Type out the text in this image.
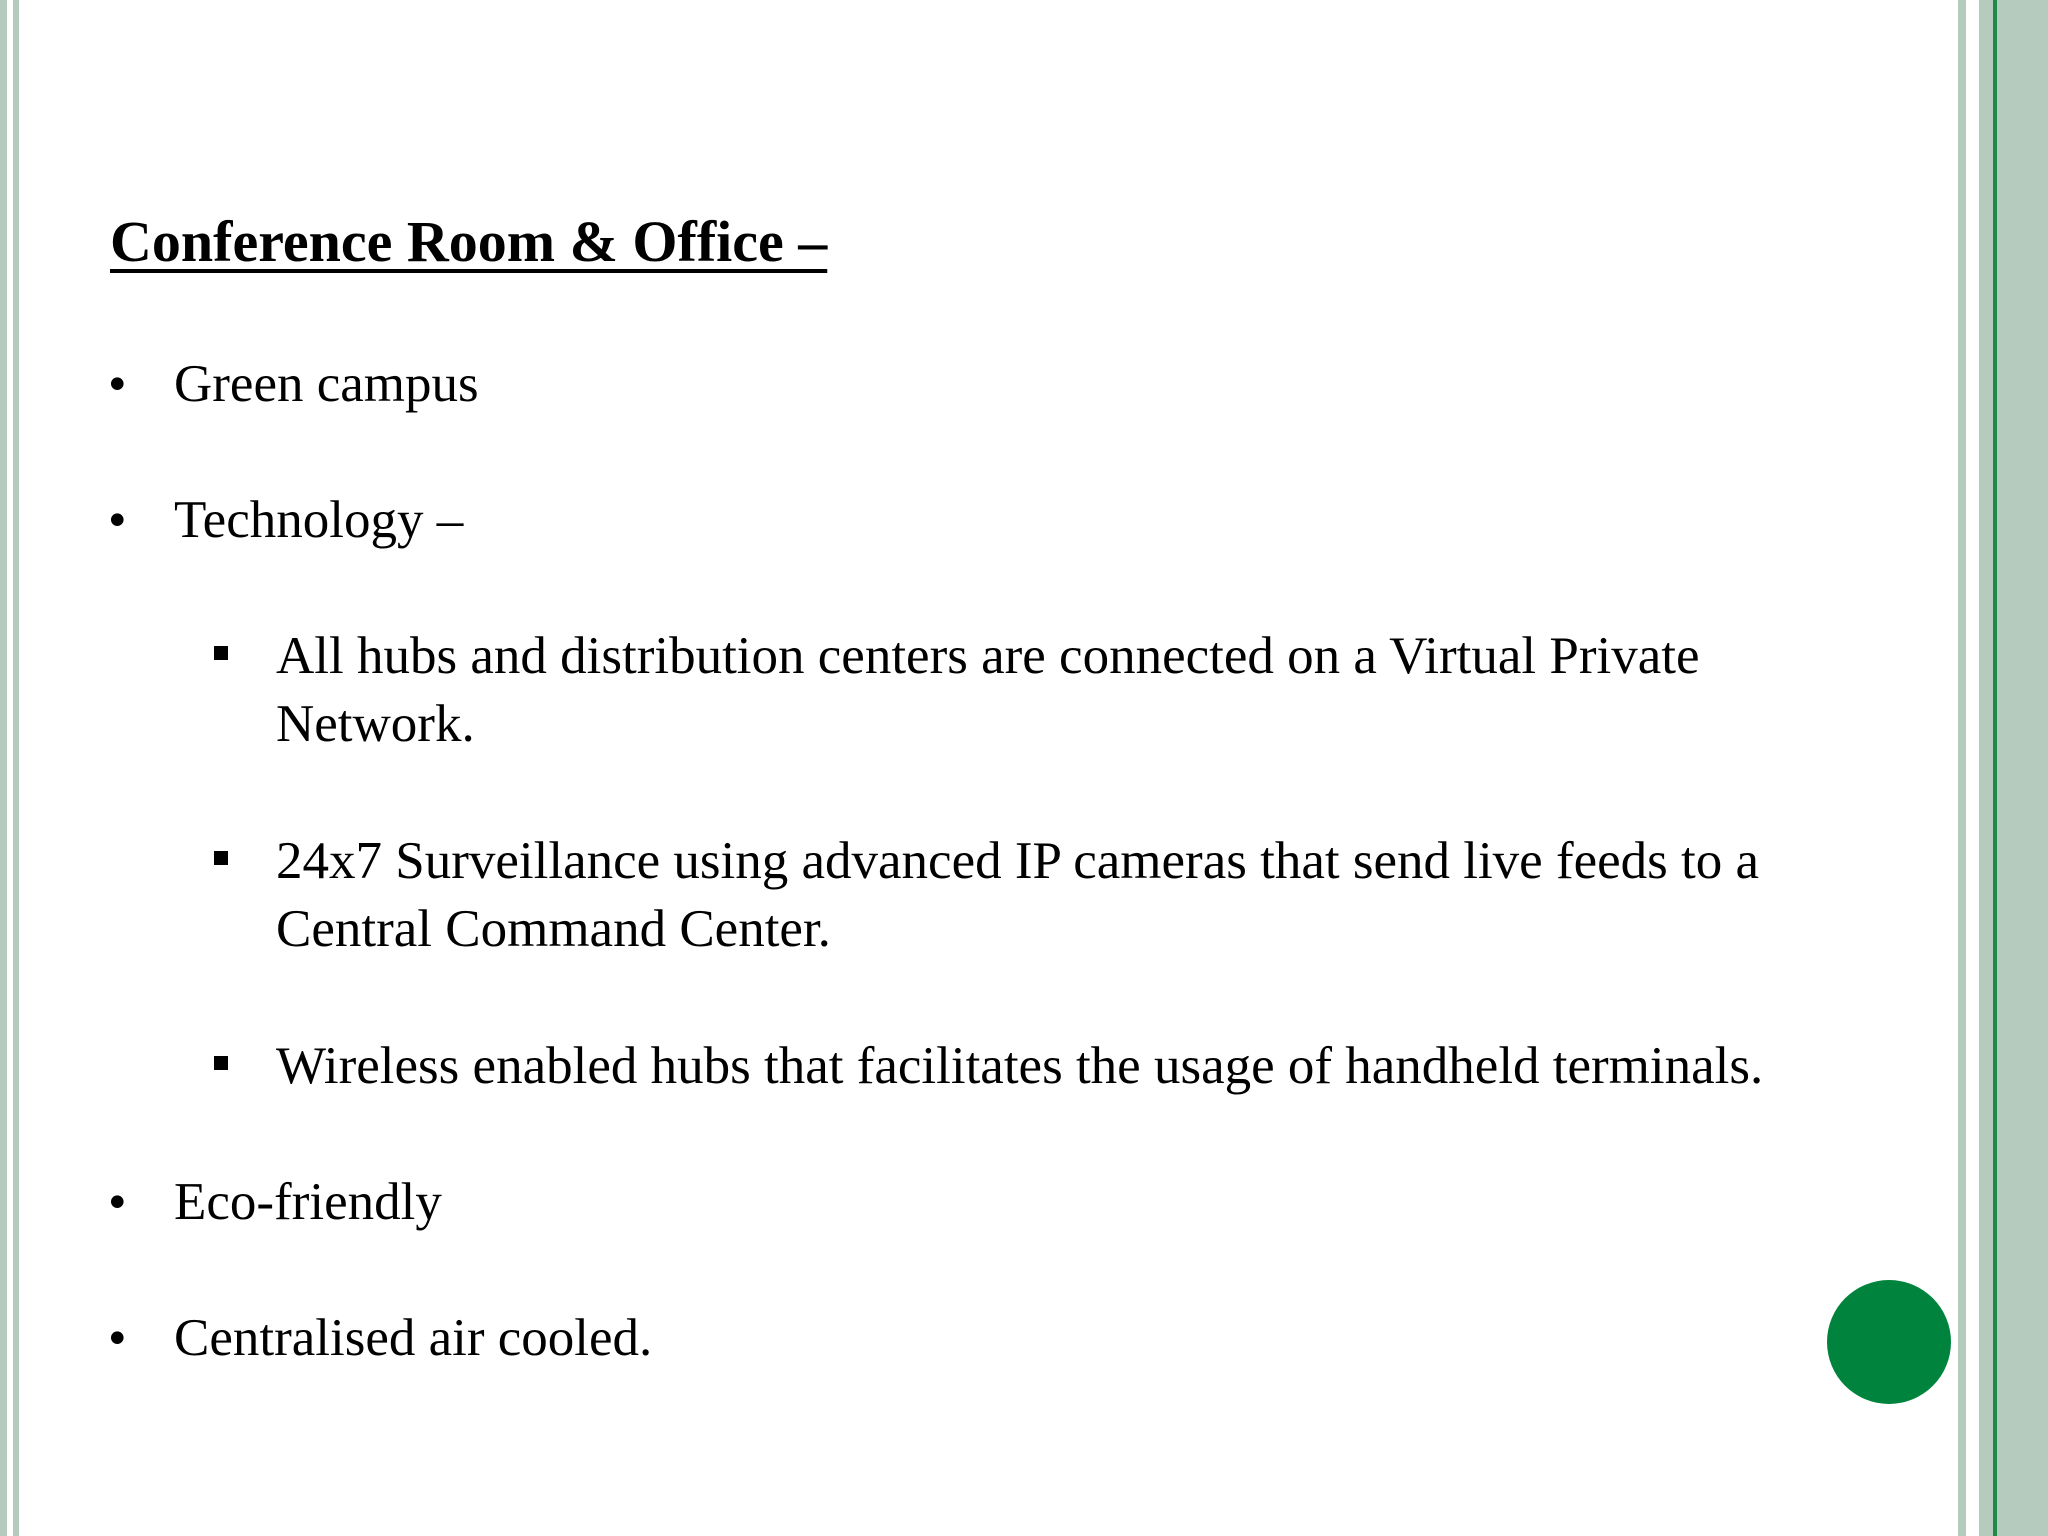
Conference Room & Office –
• Green campus
• Technology –
All hubs and distribution centers are connected on a Virtual Private Network.
24x7 Surveillance using advanced IP cameras that send live feeds to a Central Command Center.
Wireless enabled hubs that facilitates the usage of handheld terminals.
• Eco-friendly
• Centralised air cooled.
